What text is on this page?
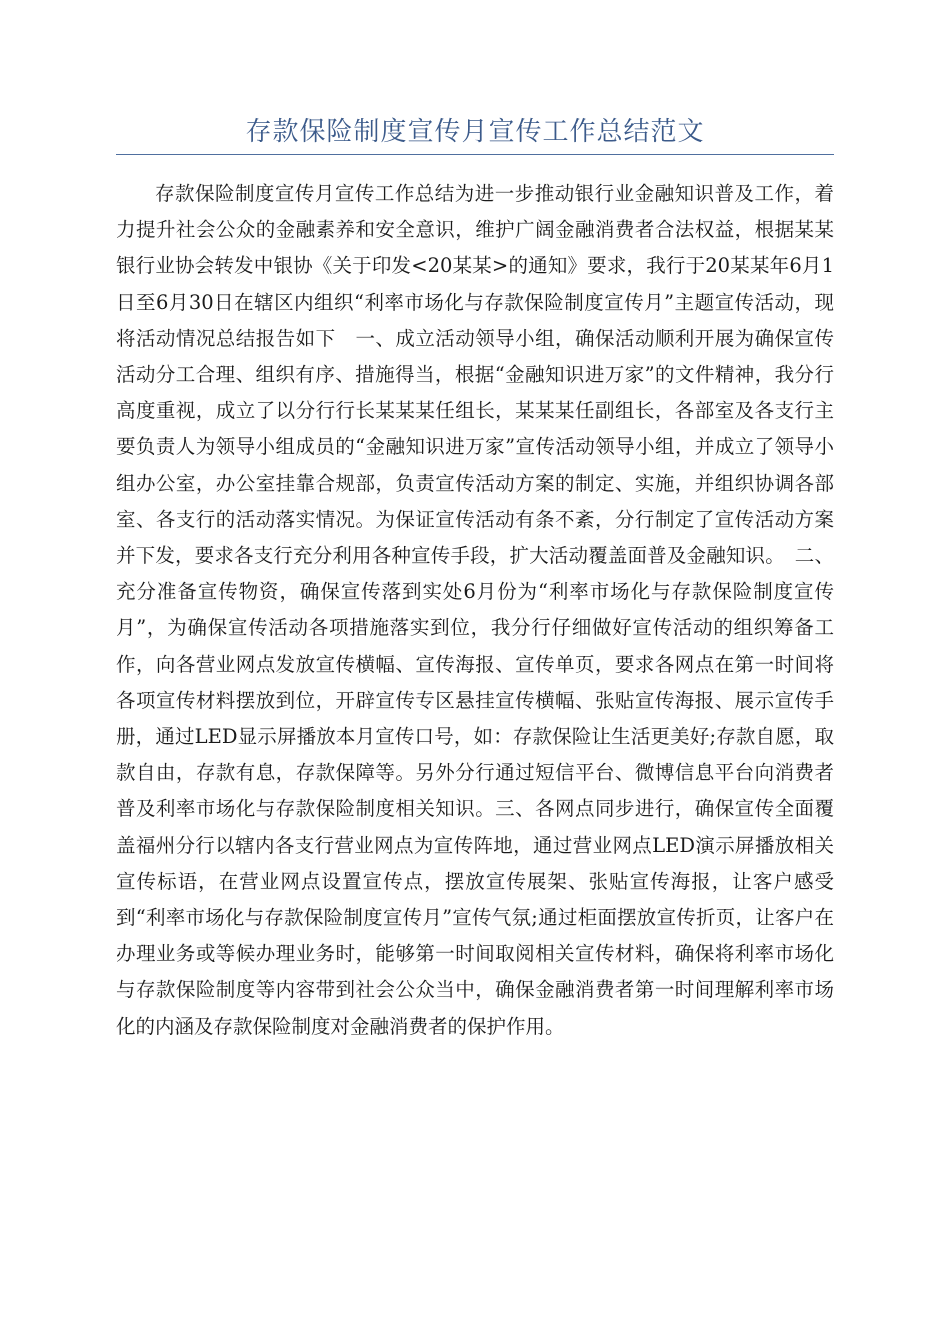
存款保险制度宣传月宣传工作总结范文

存款保险制度宣传月宣传工作总结为进一步推动银行业金融知识普及工作，着力提升社会公众的金融素养和安全意识，维护广阔金融消费者合法权益，根据某某银行业协会转发中银协《关于印发<20某某>的通知》要求，我行于20某某年6月1日至6月30日在辖区内组织“利率市场化与存款保险制度宣传月”主题宣传活动，现将活动情况总结报告如下　一、成立活动领导小组，确保活动顺利开展为确保宣传活动分工合理、组织有序、措施得当，根据“金融知识进万家”的文件精神，我分行高度重视，成立了以分行行长某某某任组长，某某某任副组长，各部室及各支行主要负责人为领导小组成员的“金融知识进万家”宣传活动领导小组，并成立了领导小组办公室，办公室挂靠合规部，负责宣传活动方案的制定、实施，并组织协调各部室、各支行的活动落实情况。为保证宣传活动有条不紊，分行制定了宣传活动方案并下发，要求各支行充分利用各种宣传手段，扩大活动覆盖面普及金融知识。　二、充分准备宣传物资，确保宣传落到实处6月份为“利率市场化与存款保险制度宣传月”，为确保宣传活动各项措施落实到位，我分行仔细做好宣传活动的组织筹备工作，向各营业网点发放宣传横幅、宣传海报、宣传单页，要求各网点在第一时间将各项宣传材料摆放到位，开辟宣传专区悬挂宣传横幅、张贴宣传海报、展示宣传手册，通过LED显示屏播放本月宣传口号，如：存款保险让生活更美好;存款自愿，取款自由，存款有息，存款保障等。另外分行通过短信平台、微博信息平台向消费者普及利率市场化与存款保险制度相关知识。三、各网点同步进行，确保宣传全面覆盖福州分行以辖内各支行营业网点为宣传阵地，通过营业网点LED演示屏播放相关宣传标语，在营业网点设置宣传点，摆放宣传展架、张贴宣传海报，让客户感受到“利率市场化与存款保险制度宣传月”宣传气氛;通过柜面摆放宣传折页，让客户在办理业务或等候办理业务时，能够第一时间取阅相关宣传材料，确保将利率市场化与存款保险制度等内容带到社会公众当中，确保金融消费者第一时间理解利率市场化的内涵及存款保险制度对金融消费者的保护作用。
